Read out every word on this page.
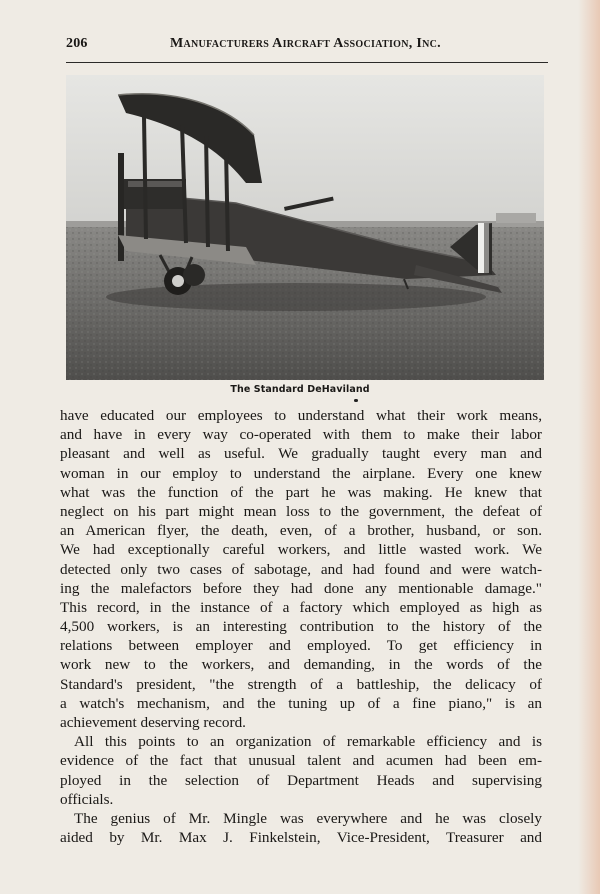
206	Manufacturers Aircraft Association, Inc.
The Standard DeHaviland
have educated our employees to understand what their work means,
and have in every way co-operated with them to make their labor
pleasant and well as useful. We gradually taught every man and
woman in our employ to understand the airplane. Every one knew
what was the function of the part he was making. He knew that
neglect on his part might mean loss to the government, the defeat of
an American flyer, the death, even, of a brother, husband, or son.
We had exceptionally careful workers, and little wasted work. We
detected only two cases of sabotage, and had found and were watch-
ing the malefactors before they had done any mentionable damage."
This record, in the instance of a factory which employed as high as
4,500 workers, is an interesting contribution to the history of the
relations between employer and employed. To get efficiency in
work new to the workers, and demanding, in the words of the
Standard's president, "the strength of a battleship, the delicacy of
a watch's mechanism, and the tuning up of a fine piano," is an
achievement deserving record.
All this points to an organization of remarkable efficiency and is
evidence of the fact that unusual talent and acumen had been em-
ployed in the selection of Department Heads and supervising
officials.
The genius of Mr. Mingle was everywhere and he was closely
aided by Mr. Max J. Finkelstein, Vice-President, Treasurer and
